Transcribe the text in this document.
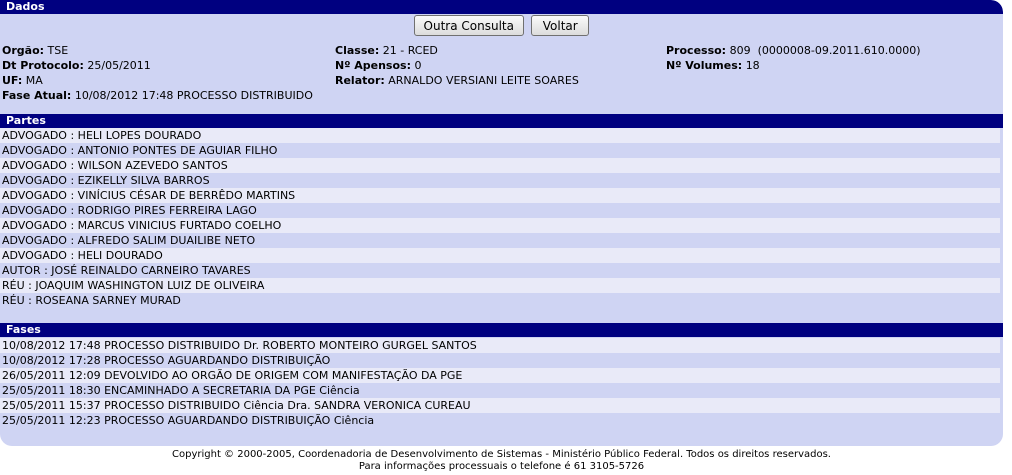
Dados
Outra Consulta Voltar
Orgão: TSE	Classe: 21 - RCED	Processo: 809  (0000008-09.2011.610.0000)
Dt Protocolo: 25/05/2011	Nº Apensos: 0	Nº Volumes: 18
UF: MA	Relator: ARNALDO VERSIANI LEITE SOARES
Fase Atual: 10/08/2012 17:48 PROCESSO DISTRIBUIDO
Partes
ADVOGADO : HELI LOPES DOURADO
ADVOGADO : ANTONIO PONTES DE AGUIAR FILHO
ADVOGADO : WILSON AZEVEDO SANTOS
ADVOGADO : EZIKELLY SILVA BARROS
ADVOGADO : VINÍCIUS CÉSAR DE BERRÊDO MARTINS
ADVOGADO : RODRIGO PIRES FERREIRA LAGO
ADVOGADO : MARCUS VINICIUS FURTADO COELHO
ADVOGADO : ALFREDO SALIM DUAILIBE NETO
ADVOGADO : HELI DOURADO
AUTOR : JOSÉ REINALDO CARNEIRO TAVARES
RÉU : JOAQUIM WASHINGTON LUIZ DE OLIVEIRA
RÉU : ROSEANA SARNEY MURAD
Fases
10/08/2012 17:48 PROCESSO DISTRIBUIDO Dr. ROBERTO MONTEIRO GURGEL SANTOS
10/08/2012 17:28 PROCESSO AGUARDANDO DISTRIBUIÇÃO
26/05/2011 12:09 DEVOLVIDO AO ORGÃO DE ORIGEM COM MANIFESTAÇÃO DA PGE
25/05/2011 18:30 ENCAMINHADO A SECRETARIA DA PGE Ciência
25/05/2011 15:37 PROCESSO DISTRIBUIDO Ciência Dra. SANDRA VERONICA CUREAU
25/05/2011 12:23 PROCESSO AGUARDANDO DISTRIBUIÇÃO Ciência
Copyright © 2000-2005, Coordenadoria de Desenvolvimento de Sistemas - Ministério Público Federal. Todos os direitos reservados.
Para informações processuais o telefone é 61 3105-5726
